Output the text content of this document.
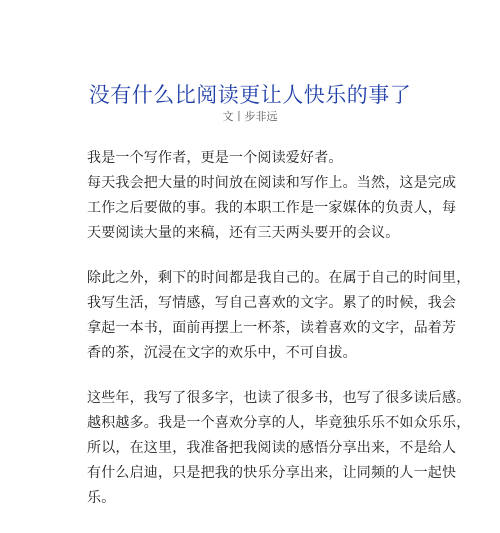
没有什么比阅读更让人快乐的事了
文丨步非远
我是一个写作者，更是一个阅读爱好者。
每天我会把大量的时间放在阅读和写作上。当然，这是完成
工作之后要做的事。我的本职工作是一家媒体的负责人，每
天要阅读大量的来稿，还有三天两头要开的会议。
除此之外，剩下的时间都是我自己的。在属于自己的时间里，
我写生活，写情感，写自己喜欢的文字。累了的时候，我会
拿起一本书，面前再摆上一杯茶，读着喜欢的文字，品着芳
香的茶，沉浸在文字的欢乐中，不可自拔。
这些年，我写了很多字，也读了很多书，也写了很多读后感。
越积越多。我是一个喜欢分享的人，毕竟独乐乐不如众乐乐，
所以，在这里，我准备把我阅读的感悟分享出来，不是给人
有什么启迪，只是把我的快乐分享出来，让同频的人一起快
乐。
